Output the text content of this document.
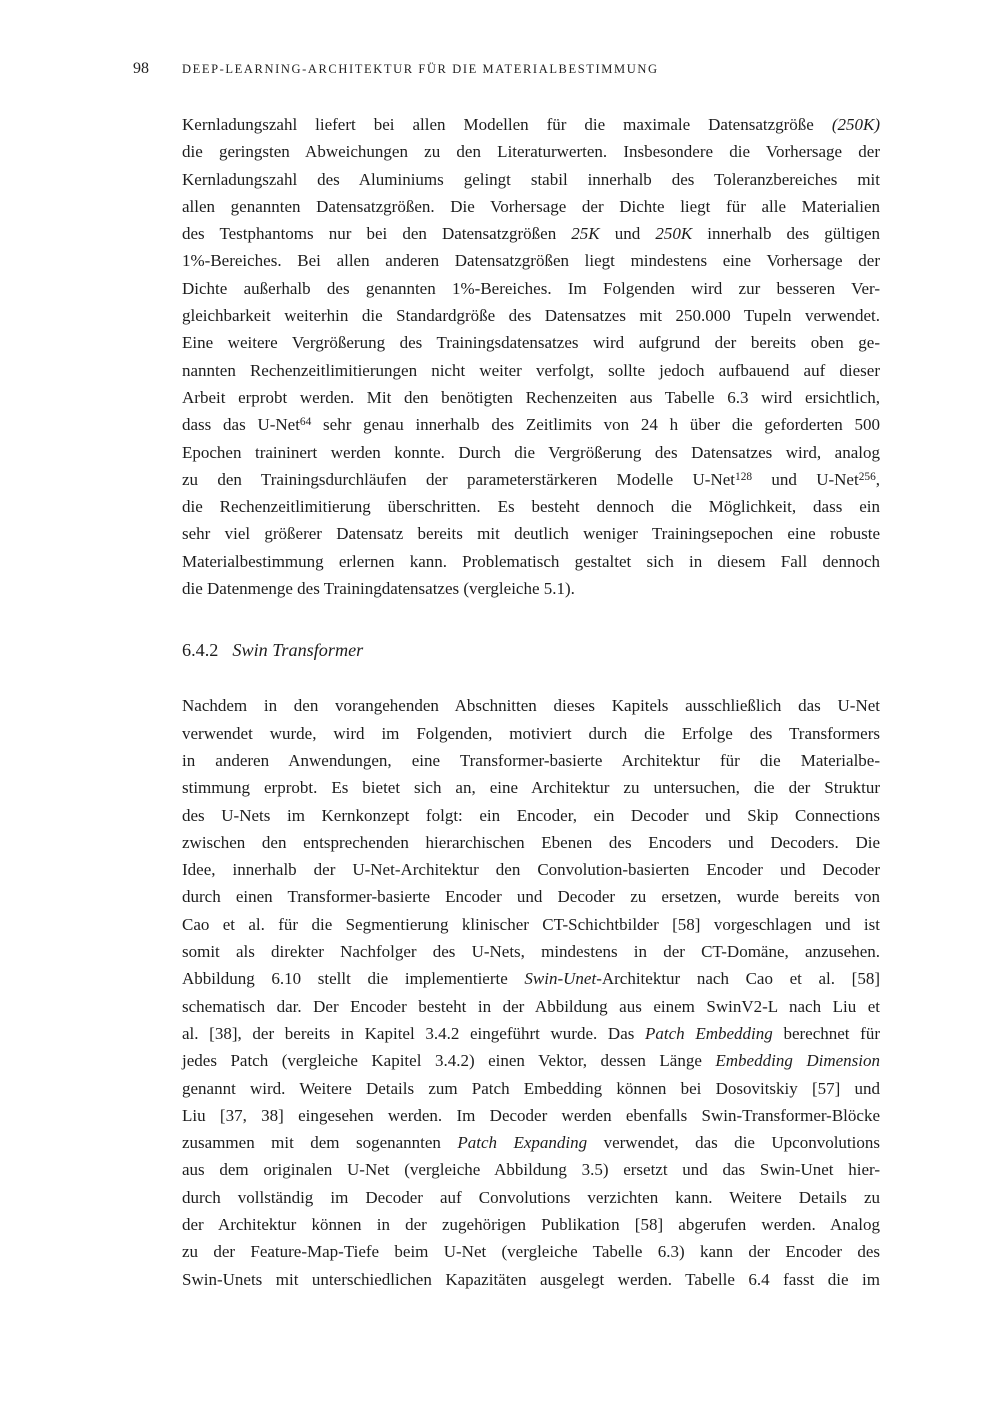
98	DEEP-LEARNING-ARCHITEKTUR FÜR DIE MATERIALBESTIMMUNG
Kernladungszahl liefert bei allen Modellen für die maximale Datensatzgröße (250K)
die geringsten Abweichungen zu den Literaturwerten. Insbesondere die Vorhersage der
Kernladungszahl des Aluminiums gelingt stabil innerhalb des Toleranzbereiches mit
allen genannten Datensatzgrößen. Die Vorhersage der Dichte liegt für alle Materialien
des Testphantoms nur bei den Datensatzgrößen 25K und 250K innerhalb des gültigen
1%-Bereiches. Bei allen anderen Datensatzgrößen liegt mindestens eine Vorhersage der
Dichte außerhalb des genannten 1%-Bereiches. Im Folgenden wird zur besseren Ver-
gleichbarkeit weiterhin die Standardgröße des Datensatzes mit 250.000 Tupeln verwendet.
Eine weitere Vergrößerung des Trainingsdatensatzes wird aufgrund der bereits oben ge-
nannten Rechenzeitlimitierungen nicht weiter verfolgt, sollte jedoch aufbauend auf dieser
Arbeit erprobt werden. Mit den benötigten Rechenzeiten aus Tabelle 6.3 wird ersichtlich,
dass das U-Net$^{64}$ sehr genau innerhalb des Zeitlimits von 24 h über die geforderten 500
Epochen traininert werden konnte. Durch die Vergrößerung des Datensatzes wird, analog
zu den Trainingsdurchläufen der parameterstärkeren Modelle U-Net$^{128}$ und U-Net$^{256}$,
die Rechenzeitlimitierung überschritten. Es besteht dennoch die Möglichkeit, dass ein
sehr viel größerer Datensatz bereits mit deutlich weniger Trainingsepochen eine robuste
Materialbestimmung erlernen kann. Problematisch gestaltet sich in diesem Fall dennoch
die Datenmenge des Trainingdatensatzes (vergleiche 5.1).
6.4.2 Swin Transformer
Nachdem in den vorangehenden Abschnitten dieses Kapitels ausschließlich das U-Net
verwendet wurde, wird im Folgenden, motiviert durch die Erfolge des Transformers
in anderen Anwendungen, eine Transformer-basierte Architektur für die Materialbe-
stimmung erprobt. Es bietet sich an, eine Architektur zu untersuchen, die der Struktur
des U-Nets im Kernkonzept folgt: ein Encoder, ein Decoder und Skip Connections
zwischen den entsprechenden hierarchischen Ebenen des Encoders und Decoders. Die
Idee, innerhalb der U-Net-Architektur den Convolution-basierten Encoder und Decoder
durch einen Transformer-basierte Encoder und Decoder zu ersetzen, wurde bereits von
Cao et al. für die Segmentierung klinischer CT-Schichtbilder [58] vorgeschlagen und ist
somit als direkter Nachfolger des U-Nets, mindestens in der CT-Domäne, anzusehen.
Abbildung 6.10 stellt die implementierte Swin-Unet-Architektur nach Cao et al. [58]
schematisch dar. Der Encoder besteht in der Abbildung aus einem SwinV2-L nach Liu et
al. [38], der bereits in Kapitel 3.4.2 eingeführt wurde. Das Patch Embedding berechnet für
jedes Patch (vergleiche Kapitel 3.4.2) einen Vektor, dessen Länge Embedding Dimension
genannt wird. Weitere Details zum Patch Embedding können bei Dosovitskiy [57] und
Liu [37, 38] eingesehen werden. Im Decoder werden ebenfalls Swin-Transformer-Blöcke
zusammen mit dem sogenannten Patch Expanding verwendet, das die Upconvolutions
aus dem originalen U-Net (vergleiche Abbildung 3.5) ersetzt und das Swin-Unet hier-
durch vollständig im Decoder auf Convolutions verzichten kann. Weitere Details zu
der Architektur können in der zugehörigen Publikation [58] abgerufen werden. Analog
zu der Feature-Map-Tiefe beim U-Net (vergleiche Tabelle 6.3) kann der Encoder des
Swin-Unets mit unterschiedlichen Kapazitäten ausgelegt werden. Tabelle 6.4 fasst die im
